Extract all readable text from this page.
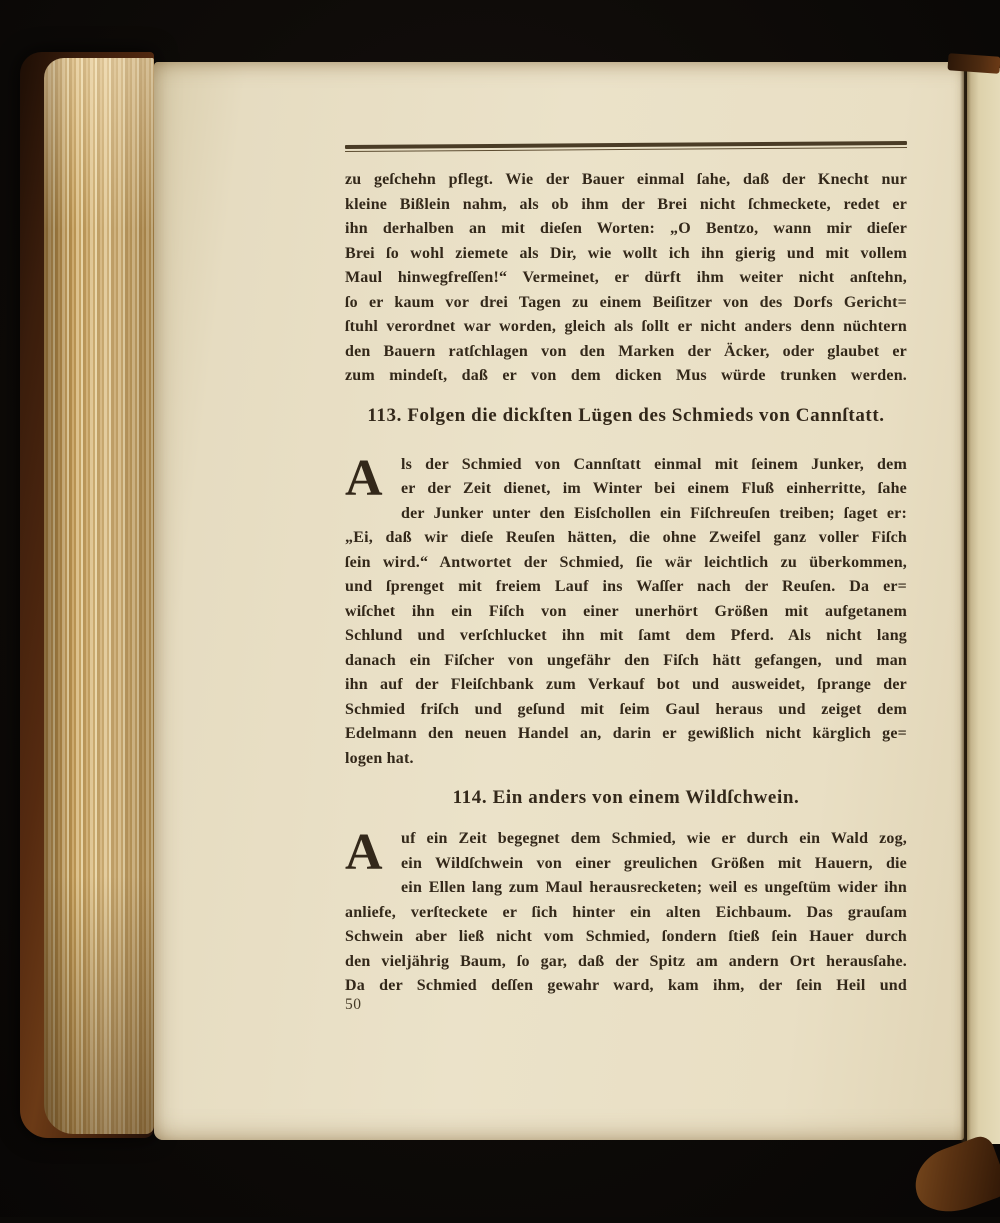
zu geſchehn pflegt. Wie der Bauer einmal ſahe, daß der Knecht nur
kleine Bißlein nahm, als ob ihm der Brei nicht ſchmeckete, redet er
ihn derhalben an mit dieſen Worten: „O Bentzo, wann mir dieſer
Brei ſo wohl ziemete als Dir, wie wollt ich ihn gierig und mit vollem
Maul hinwegfreſſen!“ Vermeinet, er dürft ihm weiter nicht anſtehn,
ſo er kaum vor drei Tagen zu einem Beiſitzer von des Dorfs Gericht=
ſtuhl verordnet war worden, gleich als ſollt er nicht anders denn nüchtern
den Bauern ratſchlagen von den Marken der Äcker, oder glaubet er
zum mindeſt, daß er von dem dicken Mus würde trunken werden.
113. Folgen die dickſten Lügen des Schmieds von Cannſtatt.
A	ls der Schmied von Cannſtatt einmal mit ſeinem Junker, dem
er der Zeit dienet, im Winter bei einem Fluß einherritte, ſahe
der Junker unter den Eisſchollen ein Fiſchreuſen treiben; ſaget er:
„Ei, daß wir dieſe Reuſen hätten, die ohne Zweifel ganz voller Fiſch
ſein wird.“ Antwortet der Schmied, ſie wär leichtlich zu überkommen,
und ſprenget mit freiem Lauf ins Waſſer nach der Reuſen. Da er=
wiſchet ihn ein Fiſch von einer unerhört Größen mit aufgetanem
Schlund und verſchlucket ihn mit ſamt dem Pferd. Als nicht lang
danach ein Fiſcher von ungefähr den Fiſch hätt gefangen, und man
ihn auf der Fleiſchbank zum Verkauf bot und ausweidet, ſprange der
Schmied friſch und geſund mit ſeim Gaul heraus und zeiget dem
Edelmann den neuen Handel an, darin er gewißlich nicht kärglich ge=
logen hat.
114. Ein anders von einem Wildſchwein.
A	uf ein Zeit begegnet dem Schmied, wie er durch ein Wald zog,
ein Wildſchwein von einer greulichen Größen mit Hauern, die
ein Ellen lang zum Maul herausrecketen; weil es ungeſtüm wider ihn
anliefe, verſteckete er ſich hinter ein alten Eichbaum. Das grauſam
Schwein aber ließ nicht vom Schmied, ſondern ſtieß ſein Hauer durch
den vieljährig Baum, ſo gar, daß der Spitz am andern Ort herausſahe.
Da der Schmied deſſen gewahr ward, kam ihm, der ſein Heil und
50
